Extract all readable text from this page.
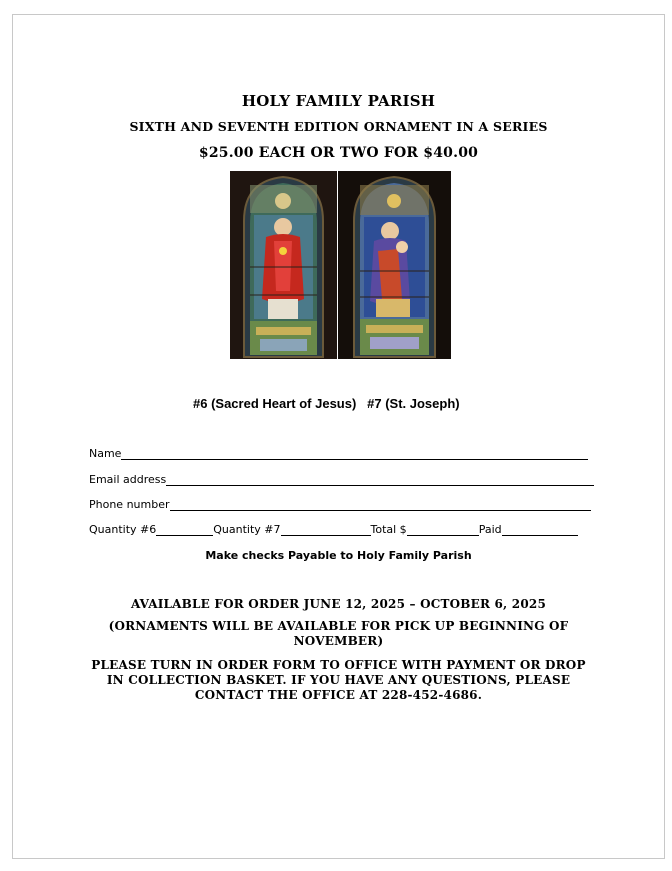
HOLY FAMILY PARISH
SIXTH AND SEVENTH EDITION ORNAMENT IN A SERIES
$25.00 EACH OR TWO FOR $40.00
#6 (Sacred Heart of Jesus)   #7 (St. Joseph)
Name
Email address
Phone number
Quantity #6	Quantity #7	Total $	Paid
Make checks Payable to Holy Family Parish
AVAILABLE FOR ORDER JUNE 12, 2025 – OCTOBER 6, 2025
(ORNAMENTS WILL BE AVAILABLE FOR PICK UP BEGINNING OF NOVEMBER)
PLEASE TURN IN ORDER FORM TO OFFICE WITH PAYMENT OR DROP IN COLLECTION BASKET. IF YOU HAVE ANY QUESTIONS, PLEASE CONTACT THE OFFICE AT 228-452-4686.
